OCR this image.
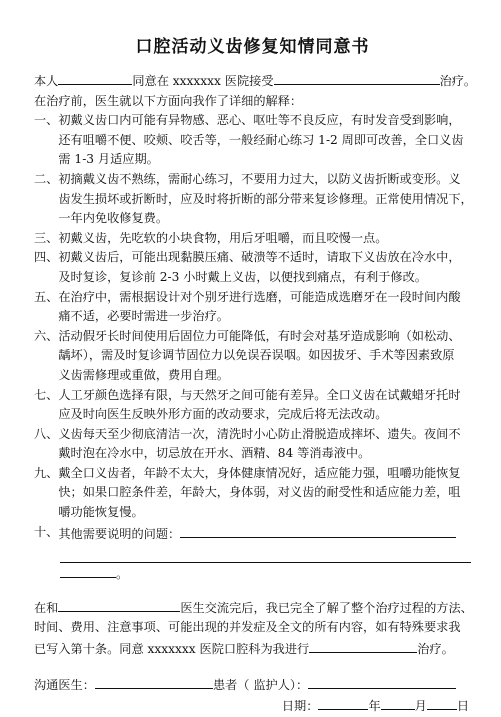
口腔活动义齿修复知情同意书
本人	同意在 xxxxxxx 医院接受	治疗。
在治疗前，医生就以下方面向我作了详细的解释：
一、 初戴义齿口内可能有异物感、恶心、呕吐等不良反应，有时发音受到影响，
还有咀嚼不便、咬颊、咬舌等，一般经耐心练习 1-2 周即可改善，全口义齿
需 1-3 月适应期。
二、 初摘戴义齿不熟练，需耐心练习，不要用力过大，以防义齿折断或变形。义
齿发生损坏或折断时，应及时将折断的部分带来复诊修理。正常使用情况下，
一年内免收修复费。
三、 初戴义齿，先吃软的小块食物，用后牙咀嚼，而且咬慢一点。
四、 初戴义齿后，可能出现黏膜压痛、破溃等不适时，请取下义齿放在冷水中，
及时复诊，复诊前 2-3 小时戴上义齿，以便找到痛点，有利于修改。
五、 在治疗中，需根据设计对个别牙进行选磨，可能造成选磨牙在一段时间内酸
痛不适，必要时需进一步治疗。
六、 活动假牙长时间使用后固位力可能降低，有时会对基牙造成影响（如松动、
龋坏），需及时复诊调节固位力以免误吞误咽。如因拔牙、手术等因素致原
义齿需修理或重做，费用自理。
七、 人工牙颜色选择有限，与天然牙之间可能有差异。全口义齿在试戴蜡牙托时
应及时向医生反映外形方面的改动要求，完成后将无法改动。
八、 义齿每天至少彻底清洁一次，清洗时小心防止滑脱造成摔坏、遗失。夜间不
戴时泡在冷水中，切忌放在开水、酒精、84 等消毒液中。
九、 戴全口义齿者，年龄不太大，身体健康情况好，适应能力强，咀嚼功能恢复
快；如果口腔条件差，年龄大，身体弱，对义齿的耐受性和适应能力差，咀
嚼功能恢复慢。
十、 其他需要说明的问题：
。
在和	医生交流完后，我已完全了解了整个治疗过程的方法、
时间、费用、注意事项、可能出现的并发症及全文的所有内容，如有特殊要求我
已写入第十条。同意 xxxxxxx 医院口腔科为我进行	治疗。
沟通医生：	患者（ 监护人）：
日期：	年	月 日
